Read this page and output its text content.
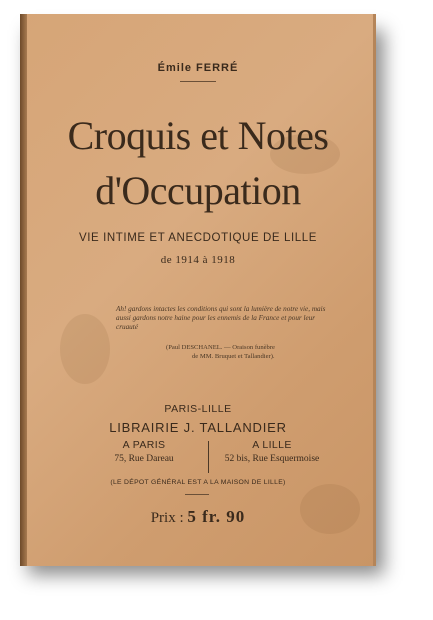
Émile FERRÉ
Croquis et Notes
d'Occupation
VIE INTIME ET ANECDOTIQUE DE LILLE
de 1914 à 1918
Ah! gardons intactes les conditions qui sont la lumière de notre vie, mais aussi gardons notre haine pour les ennemis de la France et pour leur cruauté
(Paul DESCHANEL. — Oraison funèbre
de MM. Bruquet et Tallandier).
PARIS-LILLE
LIBRAIRIE J. TALLANDIER
A PARIS
75, Rue Dareau
A LILLE
52 bis, Rue Esquermoise
(LE DÉPOT GÉNÉRAL EST A LA MAISON DE LILLE)
Prix : 5 fr. 90
